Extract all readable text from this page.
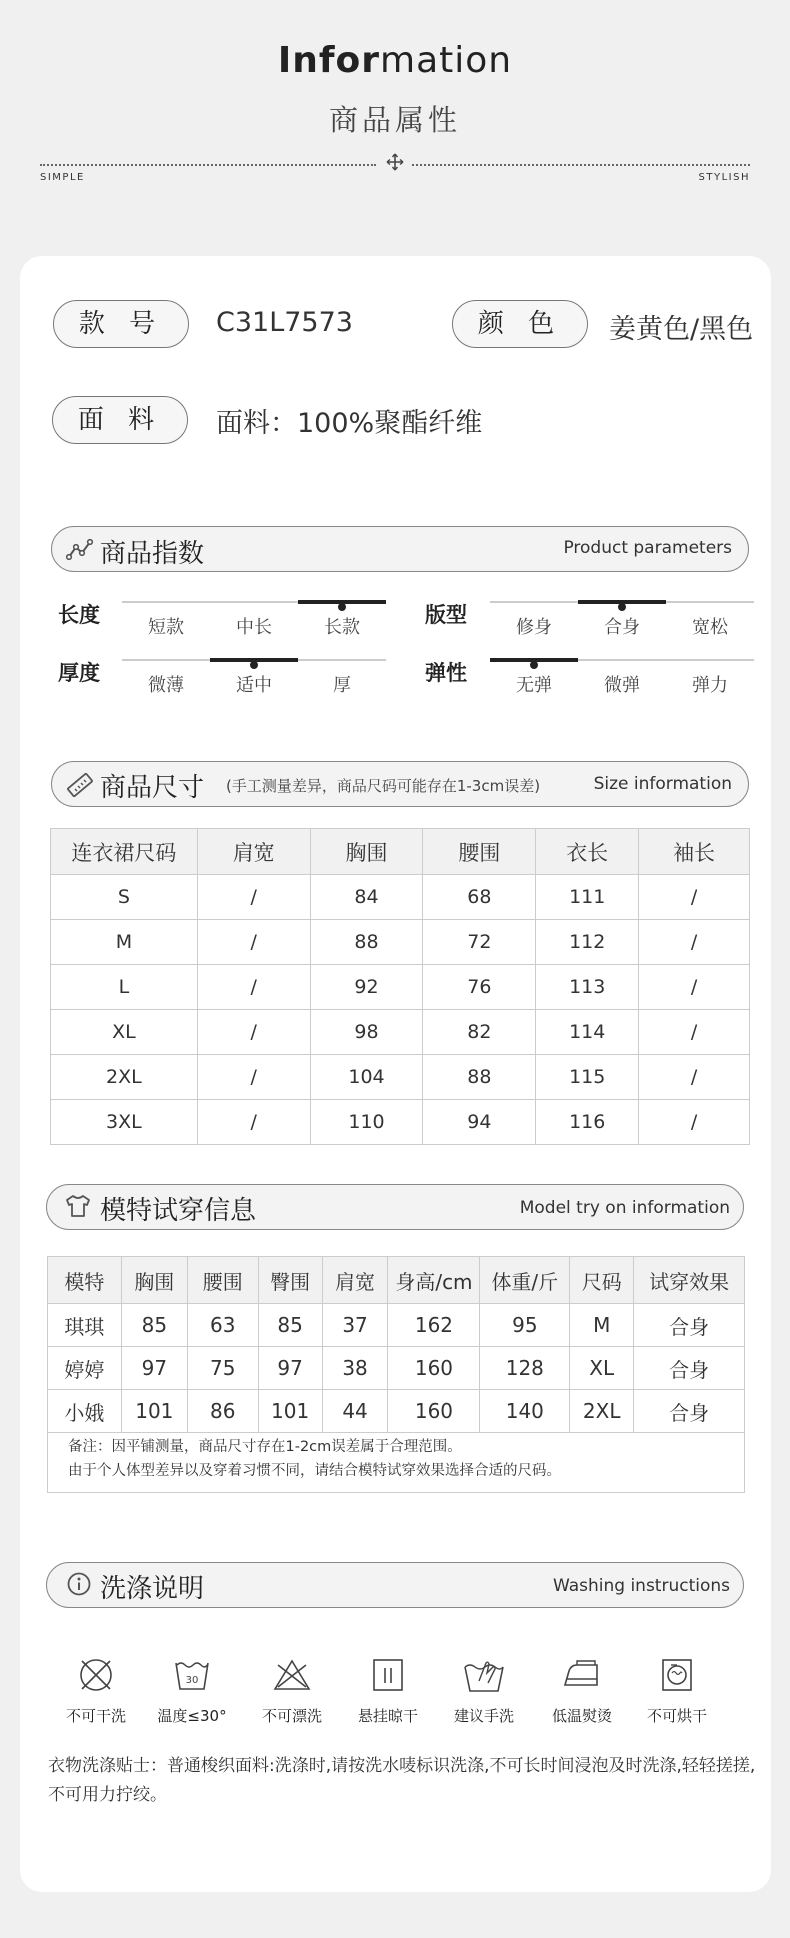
Information
商品属性
SIMPLE	STYLISH
款 号	C31L7573	颜 色	姜黄色/黑色
面 料	面料：100%聚酯纤维
商品指数	Product parameters
长度
短款	中长	长款
版型
修身	合身	宽松
厚度
微薄	适中	厚
弹性
无弹	微弹	弹力
商品尺寸 (手工测量差异，商品尺码可能存在1-3cm误差)	Size information
连衣裙尺码	肩宽	胸围	腰围	衣长	袖长
S	/	84	68	111	/
M	/	88	72	112	/
L	/	92	76	113	/
XL	/	98	82	114	/
2XL	/	104	88	115	/
3XL	/	110	94	116	/
模特试穿信息	Model try on information
模特	胸围	腰围	臀围	肩宽	身高/cm	体重/斤	尺码	试穿效果
琪琪	85	63	85	37	162	95	M	合身
婷婷	97	75	97	38	160	128	XL	合身
小娥	101	86	101	44	160	140	2XL	合身
备注：因平铺测量，商品尺寸存在1-2cm误差属于合理范围。
由于个人体型差异以及穿着习惯不同，请结合模特试穿效果选择合适的尺码。
洗涤说明	Washing instructions
不可干洗
30
温度≤30°	不可漂洗	悬挂晾干	建议手洗	低温熨烫	不可烘干
衣物洗涤贴士：普通梭织面料:洗涤时,请按洗水唛标识洗涤,不可长时间浸泡及时洗涤,轻轻搓搓,不可用力拧绞。
